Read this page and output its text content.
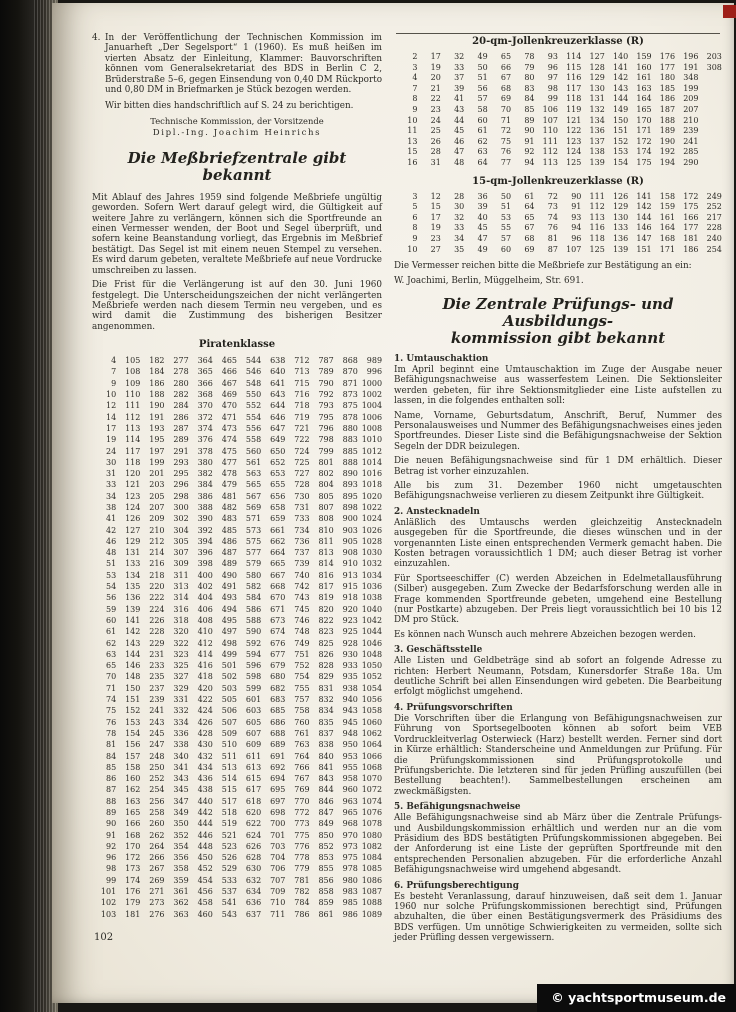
4. In der Veröffentlichung der Technischen Kommission im Januarheft „Der Segelsport“ 1 (1960). Es muß heißen im vierten Absatz der Einleitung, Klammer: Bauvorschriften können vom Generalsekretariat des BDS in Berlin C 2, Brüderstraße 5–6, gegen Einsendung von 0,40 DM Rückporto und 0,80 DM in Briefmarken je Stück bezogen werden.
Wir bitten dies handschriftlich auf S. 24 zu berichtigen.
Technische Kommission, der Vorsitzende
Dipl.-Ing. Joachim Heinrichs
Die Meßbriefzentrale gibt bekannt
Mit Ablauf des Jahres 1959 sind folgende Meßbriefe ungültig geworden. Sofern Wert darauf gelegt wird, die Gültigkeit auf weitere Jahre zu verlängern, können sich die Sportfreunde an einen Vermesser wenden, der Boot und Segel überprüft, und sofern keine Beanstandung vorliegt, das Ergebnis im Meßbrief bestätigt. Das Segel ist mit einem neuen Stempel zu versehen. Es wird darum gebeten, veraltete Meßbriefe auf neue Vordrucke umschreiben zu lassen.
Die Frist für die Verlängerung ist auf den 30. Juni 1960 festgelegt. Die Unterscheidungszeichen der nicht verlängerten Meßbriefe werden nach diesem Termin neu vergeben, und es wird damit die Zustimmung des bisherigen Besitzer angenommen.
Piratenklasse
4	105	182	277	364	465	544	638	712	787	868	989
7	108	184	278	365	466	546	640	713	789	870	996
9	109	186	280	366	467	548	641	715	790	871 1000
10	110	188	282	368	469	550	643	716	792	873 1002
12	111	190	284	370	470	552	644	718	793	875 1004
14	112	191	286	372	471	554	646	719	795	878 1006
17	113	193	287	374	473	556	647	721	796	880 1008
19	114	195	289	376	474	558	649	722	798	883 1010
24	117	197	291	378	475	560	650	724	799	885 1012
30	118	199	293	380	477	561	652	725	801	888 1014
31	120	201	295	382	478	563	653	727	802	890 1016
33	121	203	296	384	479	565	655	728	804	893 1018
34	123	205	298	386	481	567	656	730	805	895 1020
38	124	207	300	388	482	569	658	731	807	898 1022
41	126	209	302	390	483	571	659	733	808	900 1024
42	127	210	304	392	485	573	661	734	810	903 1026
46	129	212	305	394	486	575	662	736	811	905 1028
48	131	214	307	396	487	577	664	737	813	908 1030
51	133	216	309	398	489	579	665	739	814	910 1032
53	134	218	311	400	490	580	667	740	816	913 1034
54	135	220	313	402	491	582	668	742	817	915 1036
56	136	222	314	404	493	584	670	743	819	918 1038
59	139	224	316	406	494	586	671	745	820	920 1040
60	141	226	318	408	495	588	673	746	822	923 1042
61	142	228	320	410	497	590	674	748	823	925 1044
62	143	229	322	412	498	592	676	749	825	928 1046
63	144	231	323	414	499	594	677	751	826	930 1048
65	146	233	325	416	501	596	679	752	828	933 1050
70	148	235	327	418	502	598	680	754	829	935 1052
71	150	237	329	420	503	599	682	755	831	938 1054
74	151	239	331	422	505	601	683	757	832	940 1056
75	152	241	332	424	506	603	685	758	834	943 1058
76	153	243	334	426	507	605	686	760	835	945 1060
78	154	245	336	428	509	607	688	761	837	948 1062
81	156	247	338	430	510	609	689	763	838	950 1064
84	157	248	340	432	511	611	691	764	840	953 1066
85	158	250	341	434	513	613	692	766	841	955 1068
86	160	252	343	436	514	615	694	767	843	958 1070
87	162	254	345	438	515	617	695	769	844	960 1072
88	163	256	347	440	517	618	697	770	846	963 1074
89	165	258	349	442	518	620	698	772	847	965 1076
90	166	260	350	444	519	622	700	773	849	968 1078
91	168	262	352	446	521	624	701	775	850	970 1080
92	170	264	354	448	523	626	703	776	852	973 1082
96	172	266	356	450	526	628	704	778	853	975 1084
98	173	267	358	452	529	630	706	779	855	978 1085
99	174	269	359	454	533	632	707	781	856	980 1086
101	176	271	361	456	537	634	709	782	858	983 1087
102	179	273	362	458	541	636	710	784	859	985 1088
103	181	276	363	460	543	637	711	786	861	986 1089
102
20-qm-Jollenkreuzerklasse (R)
2	17	32	49	65	78	93	114	127	140	159	176	196	203
3	19	33	50	66	79	96	115	128	141	160	177	191	308
4	20	37	51	67	80	97	116	129	142	161	180	348
7	21	39	56	68	83	98	117	130	143	163	185	199
8	22	41	57	69	84	99	118	131	144	164	186	209
9	23	43	58	70	85	106	119	132	149	165	187	207
10	24	44	60	71	89	107	121	134	150	170	188	210
11	25	45	61	72	90	110	122	136	151	171	189	239
13	26	46	62	75	91	111	123	137	152	172	190	241
15	28	47	63	76	92	112	124	138	153	174	192	285
16	31	48	64	77	94	113	125	139	154	175	194	290
15-qm-Jollenkreuzerklasse (R)
3	12	28	36	50	61	72	90	111	126	141	158	172	249
5	15	30	39	51	64	73	91	112	129	142	159	175	252
6	17	32	40	53	65	74	93	113	130	144	161	166	217
8	19	33	45	55	67	76	94	116	133	146	164	177	228
9	23	34	47	57	68	81	96	118	136	147	168	181	240
10	27	35	49	60	69	87	107	125	139	151	171	186	254
Die Vermesser reichen bitte die Meßbriefe zur Bestätigung an ein:
W. Joachimi, Berlin, Müggelheim, Str. 691.
Die Zentrale Prüfungs- und Ausbildungs-
kommission gibt bekannt
1. Umtauschaktion
Im April beginnt eine Umtauschaktion im Zuge der Ausgabe neuer Befähigungsnachweise aus wasserfestem Leinen. Die Sektionsleiter werden gebeten, für ihre Sektionsmitglieder eine Liste aufstellen zu lassen, in die folgendes enthalten soll:
Name, Vorname, Geburtsdatum, Anschrift, Beruf, Nummer des Personalausweises und Nummer des Befähigungsnachweises eines jeden Sportfreundes. Dieser Liste sind die Befähigungsnachweise der Sektion Segeln der DDR beizulegen.
Die neuen Befähigungsnachweise sind für 1 DM erhältlich. Dieser Betrag ist vorher einzuzahlen.
Alle bis zum 31. Dezember 1960 nicht umgetauschten Befähigungsnachweise verlieren zu diesem Zeitpunkt ihre Gültigkeit.
2. Anstecknadeln
Anläßlich des Umtauschs werden gleichzeitig Anstecknadeln ausgegeben für die Sportfreunde, die dieses wünschen und in der vorgenannten Liste einen entsprechenden Vermerk gemacht haben. Die Kosten betragen voraussichtlich 1 DM; auch dieser Betrag ist vorher einzuzahlen.
Für Sportseeschiffer (C) werden Abzeichen in Edelmetallausführung (Silber) ausgegeben. Zum Zwecke der Bedarfsforschung werden alle in Frage kommenden Sportfreunde gebeten, umgehend eine Bestellung (nur Postkarte) abzugeben. Der Preis liegt voraussichtlich bei 10 bis 12 DM pro Stück.
Es können nach Wunsch auch mehrere Abzeichen bezogen werden.
3. Geschäftsstelle
Alle Listen und Geldbeträge sind ab sofort an folgende Adresse zu richten: Herbert Neumann, Potsdam, Kunersdorfer Straße 18a. Um deutliche Schrift bei allen Einsendungen wird gebeten. Die Bearbeitung erfolgt möglichst umgehend.
4. Prüfungsvorschriften
Die Vorschriften über die Erlangung von Befähigungsnachweisen zur Führung von Sportsegelbooten können ab sofort beim VEB Vordruckleitverlag Osterwieck (Harz) bestellt werden. Ferner sind dort in Kürze erhältlich: Standerscheine und Anmeldungen zur Prüfung. Für die Prüfungskommissionen sind Prüfungsprotokolle und Prüfungsberichte. Die letzteren sind für jeden Prüfling auszufüllen (bei Bestellung beachten!). Sammelbestellungen erscheinen am zweckmäßigsten.
5. Befähigungsnachweise
Alle Befähigungsnachweise sind ab März über die Zentrale Prüfungs- und Ausbildungskommission erhältlich und werden nur an die vom Präsidium des BDS bestätigten Prüfungskommissionen abgegeben. Bei der Anforderung ist eine Liste der geprüften Sportfreunde mit den entsprechenden Personalien abzugeben. Für die erforderliche Anzahl Befähigungsnachweise wird umgehend abgesandt.
6. Prüfungsberechtigung
Es besteht Veranlassung, darauf hinzuweisen, daß seit dem 1. Januar 1960 nur solche Prüfungskommissionen berechtigt sind, Prüfungen abzuhalten, die über einen Bestätigungsvermerk des Präsidiums des BDS verfügen. Um unnötige Schwierigkeiten zu vermeiden, sollte sich jeder Prüfling dessen vergewissern.
© yachtsportmuseum.de
